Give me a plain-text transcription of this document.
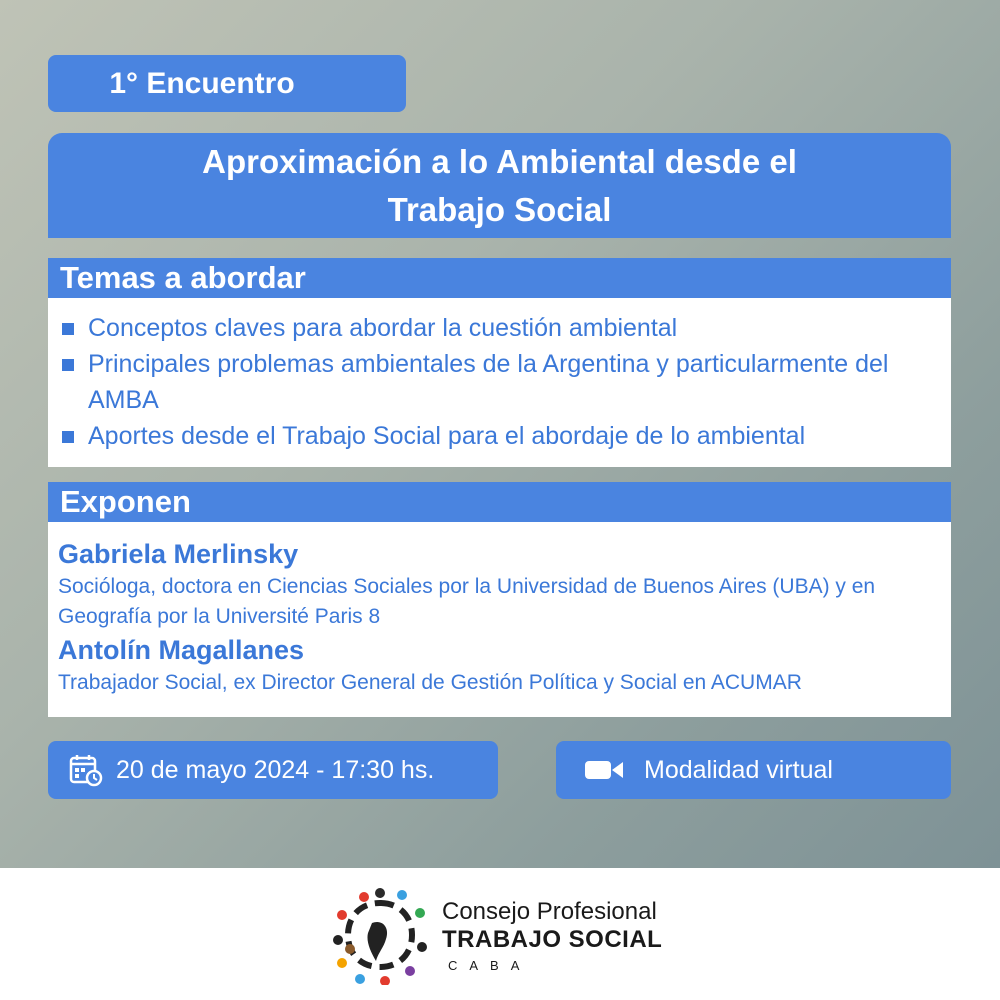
1° Encuentro
Aproximación a lo Ambiental desde el
Trabajo Social
Temas a abordar
Conceptos claves para abordar la cuestión ambiental
Principales problemas ambientales de la Argentina y particularmente del AMBA
Aportes desde el Trabajo Social para el abordaje de lo ambiental
Exponen
Gabriela Merlinsky
Socióloga, doctora en Ciencias Sociales por la Universidad de Buenos Aires (UBA) y en Geografía por la Université Paris 8
Antolín Magallanes
Trabajador Social, ex Director General de Gestión Política y Social en ACUMAR
20 de mayo 2024 - 17:30 hs.	Modalidad virtual
Consejo Profesional
TRABAJO SOCIAL
CABA
